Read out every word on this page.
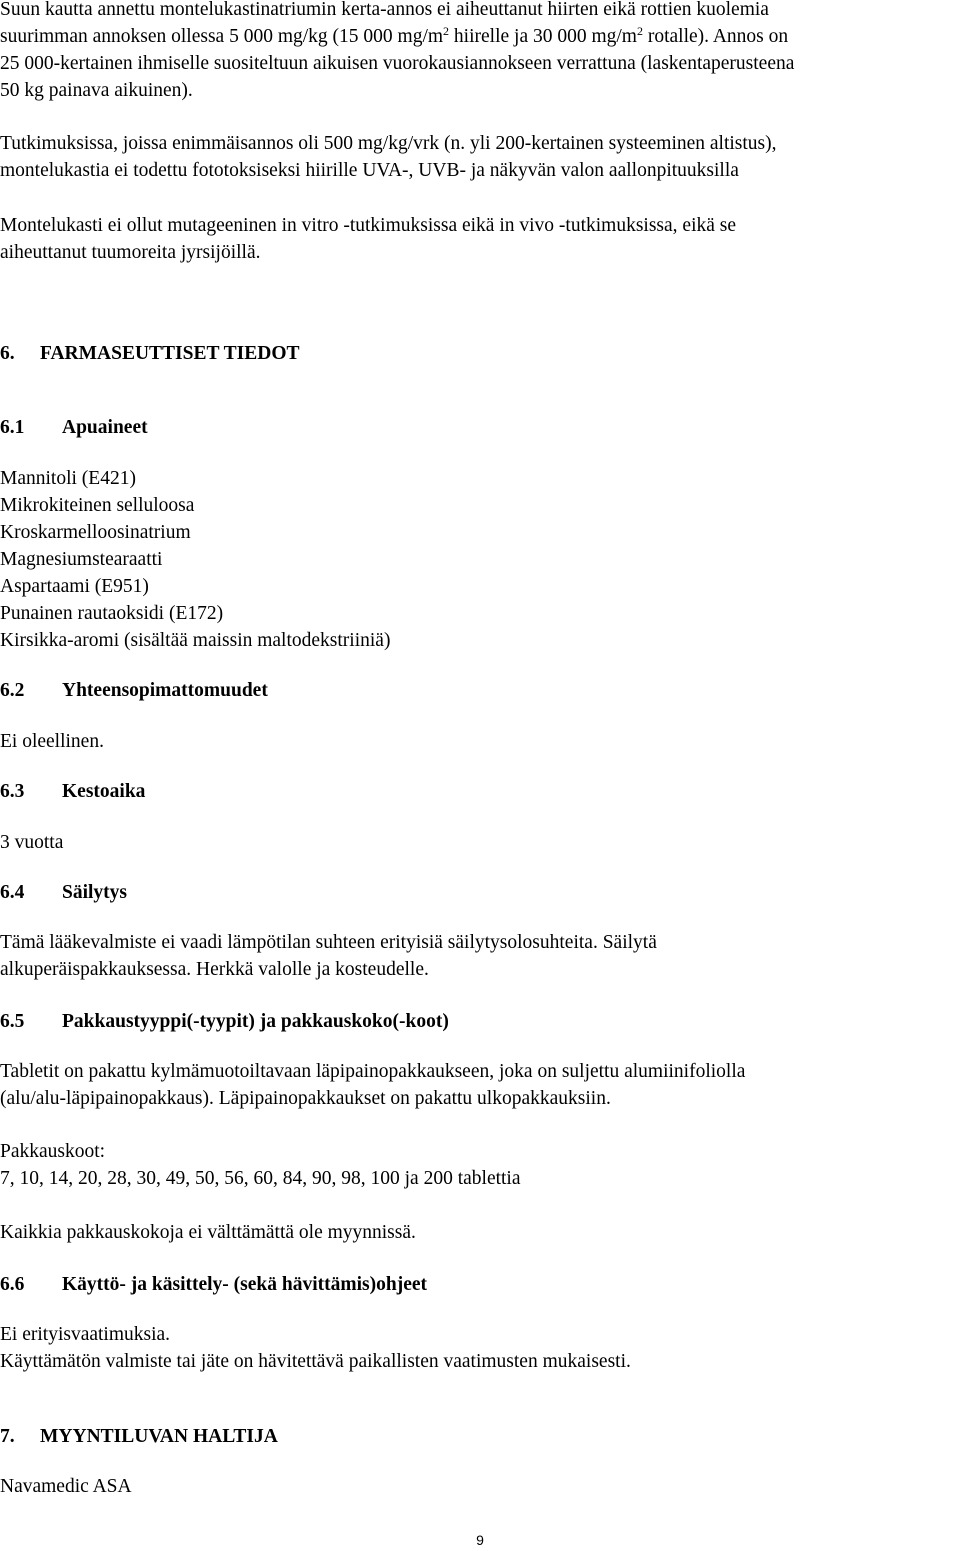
Suun kautta annettu montelukastinatriumin kerta-annos ei aiheuttanut hiirten eikä rottien kuolemia
suurimman annoksen ollessa 5 000 mg/kg (15 000 $mg/m^2$ hiirelle ja 30 000 $mg/m^2$ rotalle). Annos on
25 000-kertainen ihmiselle suositeltuun aikuisen vuorokausiannokseen verrattuna (laskentaperusteena
50 kg painava aikuinen).
Tutkimuksissa, joissa enimmäisannos oli 500 mg/kg/vrk (n. yli 200-kertainen systeeminen altistus),
montelukastia ei todettu fototoksiseksi hiirille UVA-, UVB- ja näkyvän valon aallonpituuksilla
Montelukasti ei ollut mutageeninen in vitro -tutkimuksissa eikä in vivo -tutkimuksissa, eikä se
aiheuttanut tuumoreita jyrsijöillä.
6. FARMASEUTTISET TIEDOT
6.1 Apuaineet
Mannitoli (E421)
Mikrokiteinen selluloosa
Kroskarmelloosinatrium
Magnesiumstearaatti
Aspartaami (E951)
Punainen rautaoksidi (E172)
Kirsikka-aromi (sisältää maissin maltodekstriiniä)
6.2 Yhteensopimattomuudet
Ei oleellinen.
6.3 Kestoaika
3 vuotta
6.4 Säilytys
Tämä lääkevalmiste ei vaadi lämpötilan suhteen erityisiä säilytysolosuhteita. Säilytä
alkuperäispakkauksessa. Herkkä valolle ja kosteudelle.
6.5 Pakkaustyyppi(-tyypit) ja pakkauskoko(-koot)
Tabletit on pakattu kylmämuotoiltavaan läpipainopakkaukseen, joka on suljettu alumiinifoliolla
(alu/alu-läpipainopakkaus). Läpipainopakkaukset on pakattu ulkopakkauksiin.
Pakkauskoot:
7, 10, 14, 20, 28, 30, 49, 50, 56, 60, 84, 90, 98, 100 ja 200 tablettia
Kaikkia pakkauskokoja ei välttämättä ole myynnissä.
6.6 Käyttö- ja käsittely- (sekä hävittämis)ohjeet
Ei erityisvaatimuksia.
Käyttämätön valmiste tai jäte on hävitettävä paikallisten vaatimusten mukaisesti.
7. MYYNTILUVAN HALTIJA
Navamedic ASA
9
